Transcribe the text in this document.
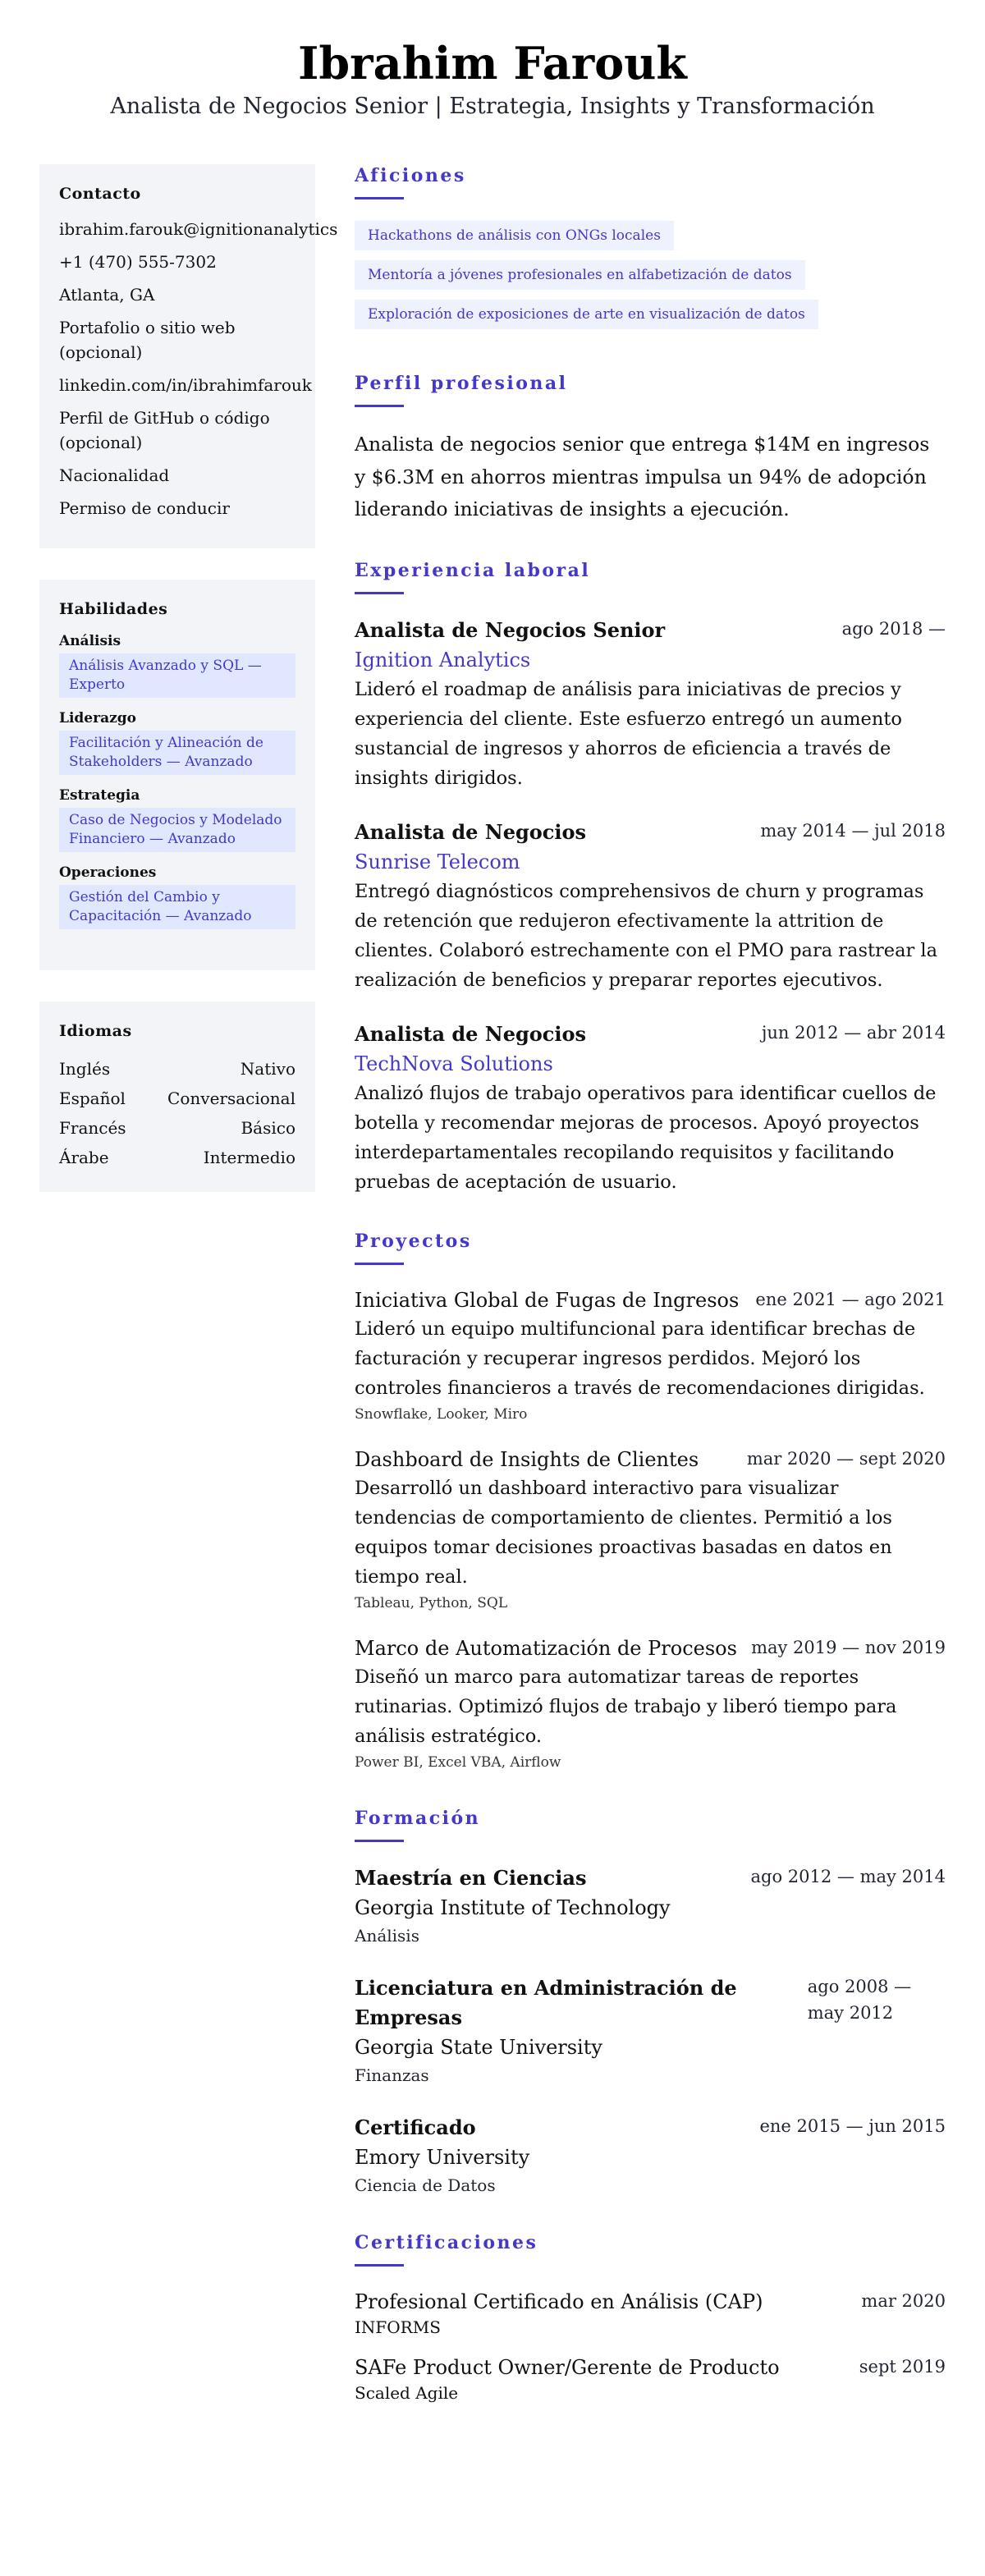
Ibrahim Farouk
Analista de Negocios Senior | Estrategia, Insights y Transformación
Contacto
ibrahim.farouk@ignitionanalytics
+1 (470) 555-7302
Atlanta, GA
Portafolio o sitio web (opcional)
linkedin.com/in/ibrahimfarouk
Perfil de GitHub o código (opcional)
Nacionalidad
Permiso de conducir
Habilidades
Análisis
Análisis Avanzado y SQL — Experto
Liderazgo
Facilitación y Alineación de Stakeholders — Avanzado
Estrategia
Caso de Negocios y Modelado Financiero — Avanzado
Operaciones
Gestión del Cambio y Capacitación — Avanzado
Idiomas
Inglés	Nativo
Español	Conversacional
Francés	Básico
Árabe	Intermedio
Aficiones
Hackathons de análisis con ONGs locales
Mentoría a jóvenes profesionales en alfabetización de datos
Exploración de exposiciones de arte en visualización de datos
Perfil profesional

Analista de negocios senior que entrega $14M en ingresos y $6.3M en ahorros mientras impulsa un 94% de adopción liderando iniciativas de insights a ejecución.

Experiencia laboral
Analista de Negocios Senior	ago 2018 —
Ignition Analytics

Lideró el roadmap de análisis para iniciativas de precios y experiencia del cliente. Este esfuerzo entregó un aumento sustancial de ingresos y ahorros de eficiencia a través de insights dirigidos.

Analista de Negocios	may 2014 — jul 2018
Sunrise Telecom

Entregó diagnósticos comprehensivos de churn y programas de retención que redujeron efectivamente la attrition de clientes. Colaboró estrechamente con el PMO para rastrear la realización de beneficios y preparar reportes ejecutivos.

Analista de Negocios	jun 2012 — abr 2014
TechNova Solutions

Analizó flujos de trabajo operativos para identificar cuellos de botella y recomendar mejoras de procesos. Apoyó proyectos interdepartamentales recopilando requisitos y facilitando pruebas de aceptación de usuario.

Proyectos
Iniciativa Global de Fugas de Ingresos ene 2021 — ago 2021

Lideró un equipo multifuncional para identificar brechas de facturación y recuperar ingresos perdidos. Mejoró los controles financieros a través de recomendaciones dirigidas.

Snowflake, Looker, Miro
Dashboard de Insights de Clientes	mar 2020 — sept 2020

Desarrolló un dashboard interactivo para visualizar tendencias de comportamiento de clientes. Permitió a los equipos tomar decisiones proactivas basadas en datos en tiempo real.

Tableau, Python, SQL
Marco de Automatización de Procesos may 2019 — nov 2019

Diseñó un marco para automatizar tareas de reportes rutinarias. Optimizó flujos de trabajo y liberó tiempo para análisis estratégico.

Power BI, Excel VBA, Airflow
Formación
Maestría en Ciencias	ago 2012 — may 2014
Georgia Institute of Technology
Análisis
Licenciatura en Administración de Empresas
ago 2008 — may 2012
Georgia State University
Finanzas
Certificado	ene 2015 — jun 2015
Emory University
Ciencia de Datos
Certificaciones
Profesional Certificado en Análisis (CAP)	mar 2020
INFORMS
SAFe Product Owner/Gerente de Producto	sept 2019
Scaled Agile
